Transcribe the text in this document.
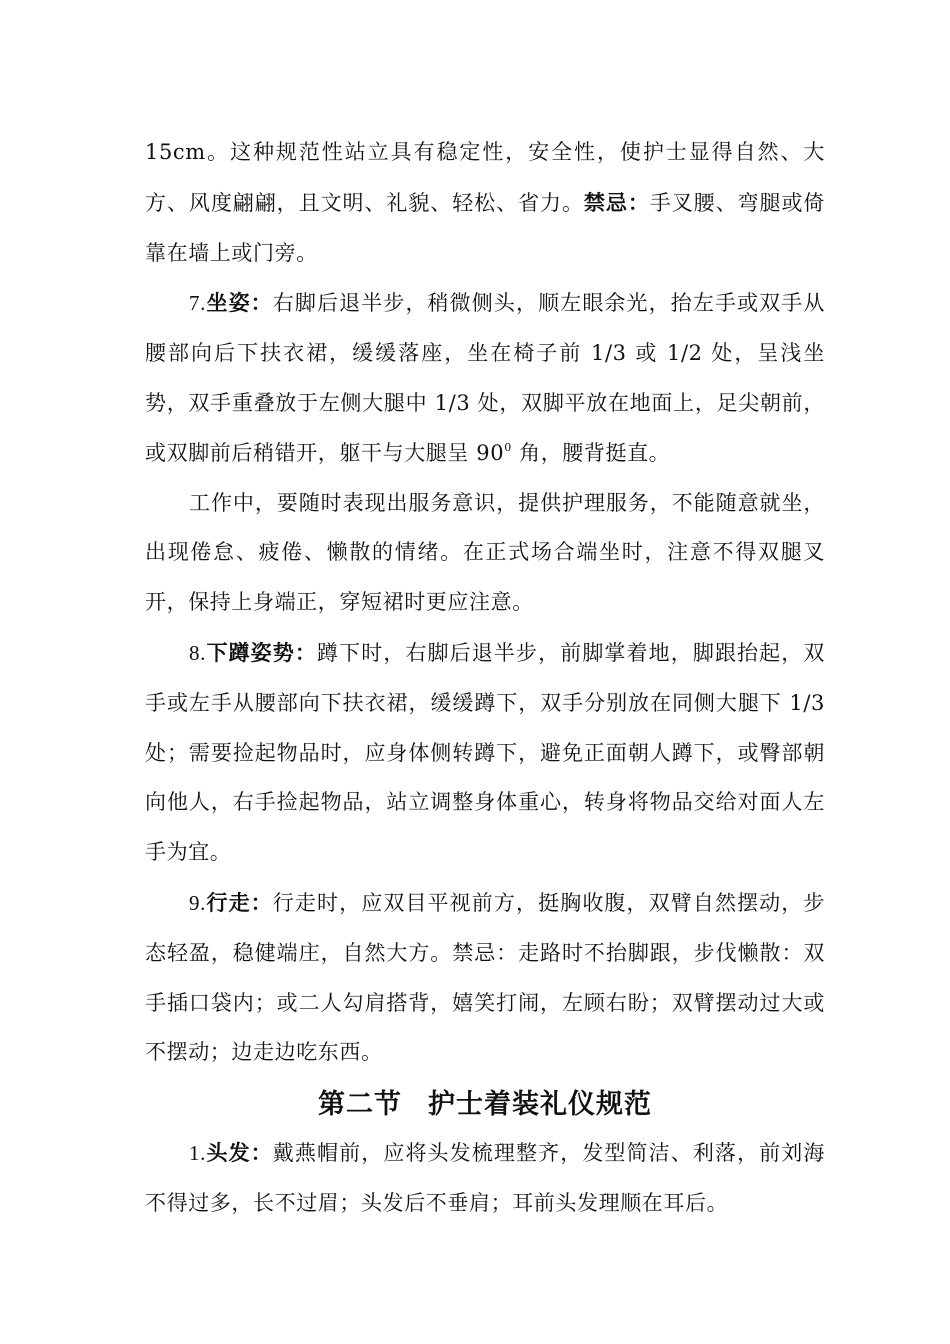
15cm。这种规范性站立具有稳定性，安全性，使护士显得自然、大方、风度翩翩，且文明、礼貌、轻松、省力。禁忌：手叉腰、弯腿或倚靠在墙上或门旁。

7.坐姿：右脚后退半步，稍微侧头，顺左眼余光，抬左手或双手从腰部向后下扶衣裙，缓缓落座，坐在椅子前 1/3 或 1/2 处，呈浅坐势，双手重叠放于左侧大腿中 1/3 处，双脚平放在地面上，足尖朝前，或双脚前后稍错开，躯干与大腿呈 $90^0$ 角，腰背挺直。

工作中，要随时表现出服务意识，提供护理服务，不能随意就坐，出现倦怠、疲倦、懒散的情绪。在正式场合端坐时，注意不得双腿叉开，保持上身端正，穿短裙时更应注意。

8.下蹲姿势：蹲下时，右脚后退半步，前脚掌着地，脚跟抬起，双手或左手从腰部向下扶衣裙，缓缓蹲下，双手分别放在同侧大腿下 1/3 处；需要捡起物品时，应身体侧转蹲下，避免正面朝人蹲下，或臀部朝向他人，右手捡起物品，站立调整身体重心，转身将物品交给对面人左手为宜。

9.行走：行走时，应双目平视前方，挺胸收腹，双臂自然摆动，步态轻盈，稳健端庄，自然大方。禁忌：走路时不抬脚跟，步伐懒散：双手插口袋内；或二人勾肩搭背，嬉笑打闹，左顾右盼；双臂摆动过大或不摆动；边走边吃东西。

第二节 护士着装礼仪规范

1.头发：戴燕帽前，应将头发梳理整齐，发型简洁、利落，前刘海不得过多，长不过眉；头发后不垂肩；耳前头发理顺在耳后。
